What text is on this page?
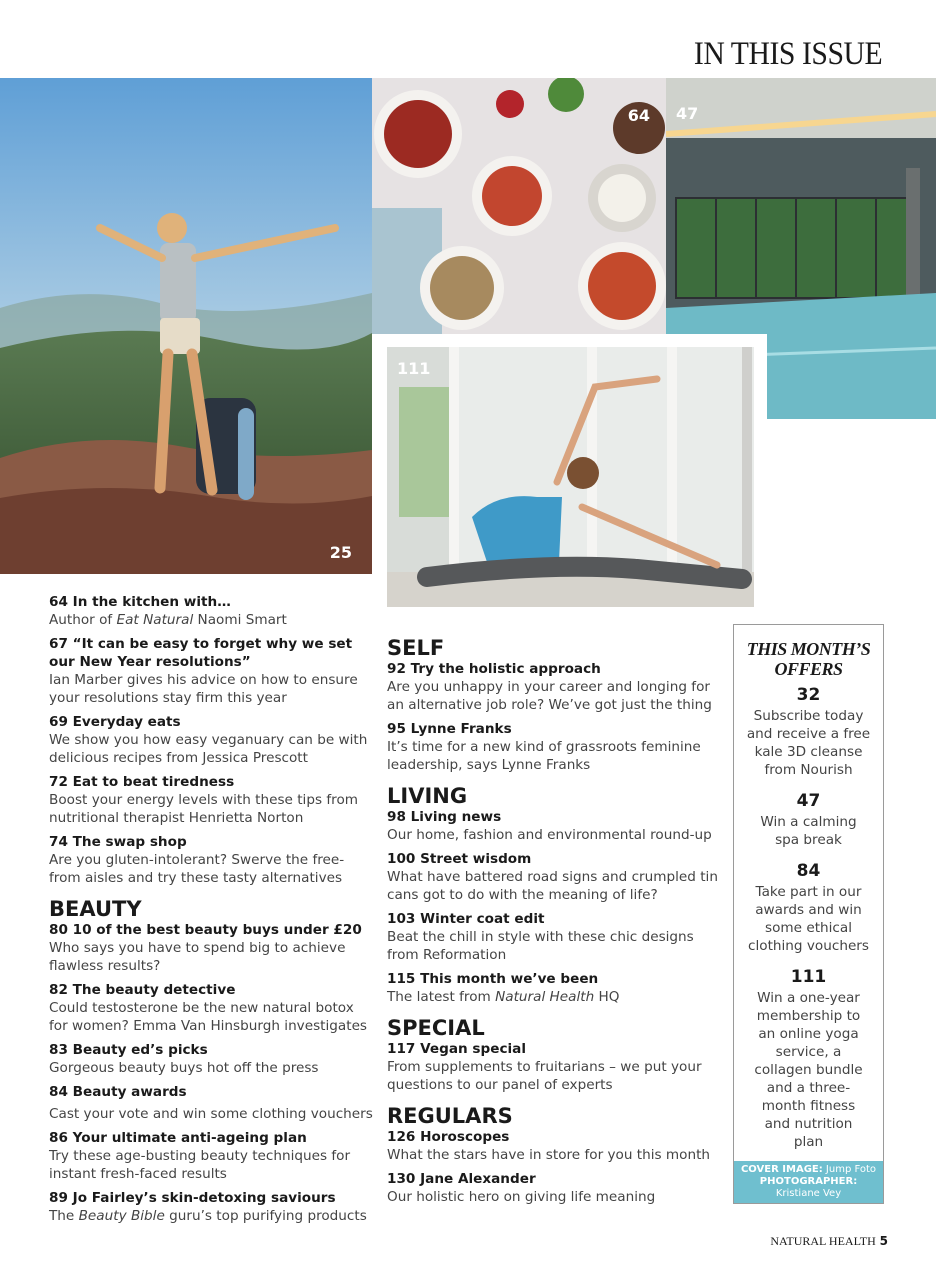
IN THIS ISSUE
25
64 47
111
64 In the kitchen with…
Author of Eat Natural Naomi Smart
67 “It can be easy to forget why we set our New Year resolutions”
Ian Marber gives his advice on how to ensure your resolutions stay firm this year
69 Everyday eats
We show you how easy veganuary can be with delicious recipes from Jessica Prescott
72 Eat to beat tiredness
Boost your energy levels with these tips from nutritional therapist Henrietta Norton
74 The swap shop
Are you gluten-intolerant? Swerve the free-from aisles and try these tasty alternatives
BEAUTY
80 10 of the best beauty buys under £20
Who says you have to spend big to achieve flawless results?
82 The beauty detective
Could testosterone be the new natural botox for women? Emma Van Hinsburgh investigates
83 Beauty ed’s picks
Gorgeous beauty buys hot off the press
84 Beauty awards
Cast your vote and win some clothing vouchers
86 Your ultimate anti-ageing plan
Try these age-busting beauty techniques for instant fresh-faced results
89 Jo Fairley’s skin-detoxing saviours
The Beauty Bible guru’s top purifying products
SELF
92 Try the holistic approach
Are you unhappy in your career and longing for an alternative job role? We’ve got just the thing
95 Lynne Franks
It’s time for a new kind of grassroots feminine leadership, says Lynne Franks
LIVING
98 Living news
Our home, fashion and environmental round-up
100 Street wisdom
What have battered road signs and crumpled tin cans got to do with the meaning of life?
103 Winter coat edit
Beat the chill in style with these chic designs from Reformation
115 This month we’ve been
The latest from Natural Health HQ
SPECIAL
117 Vegan special
From supplements to fruitarians – we put your questions to our panel of experts
REGULARS
126 Horoscopes
What the stars have in store for you this month
130 Jane Alexander
Our holistic hero on giving life meaning
THIS MONTH’S OFFERS
32
Subscribe today and receive a free kale 3D cleanse from Nourish
47
Win a calming spa break
84
Take part in our awards and win some ethical clothing vouchers
111
Win a one-year membership to an online yoga service, a collagen bundle and a three-month fitness and nutrition plan
COVER IMAGE: Jump Foto
PHOTOGRAPHER:
Kristiane Vey
NATURAL HEALTH 5
